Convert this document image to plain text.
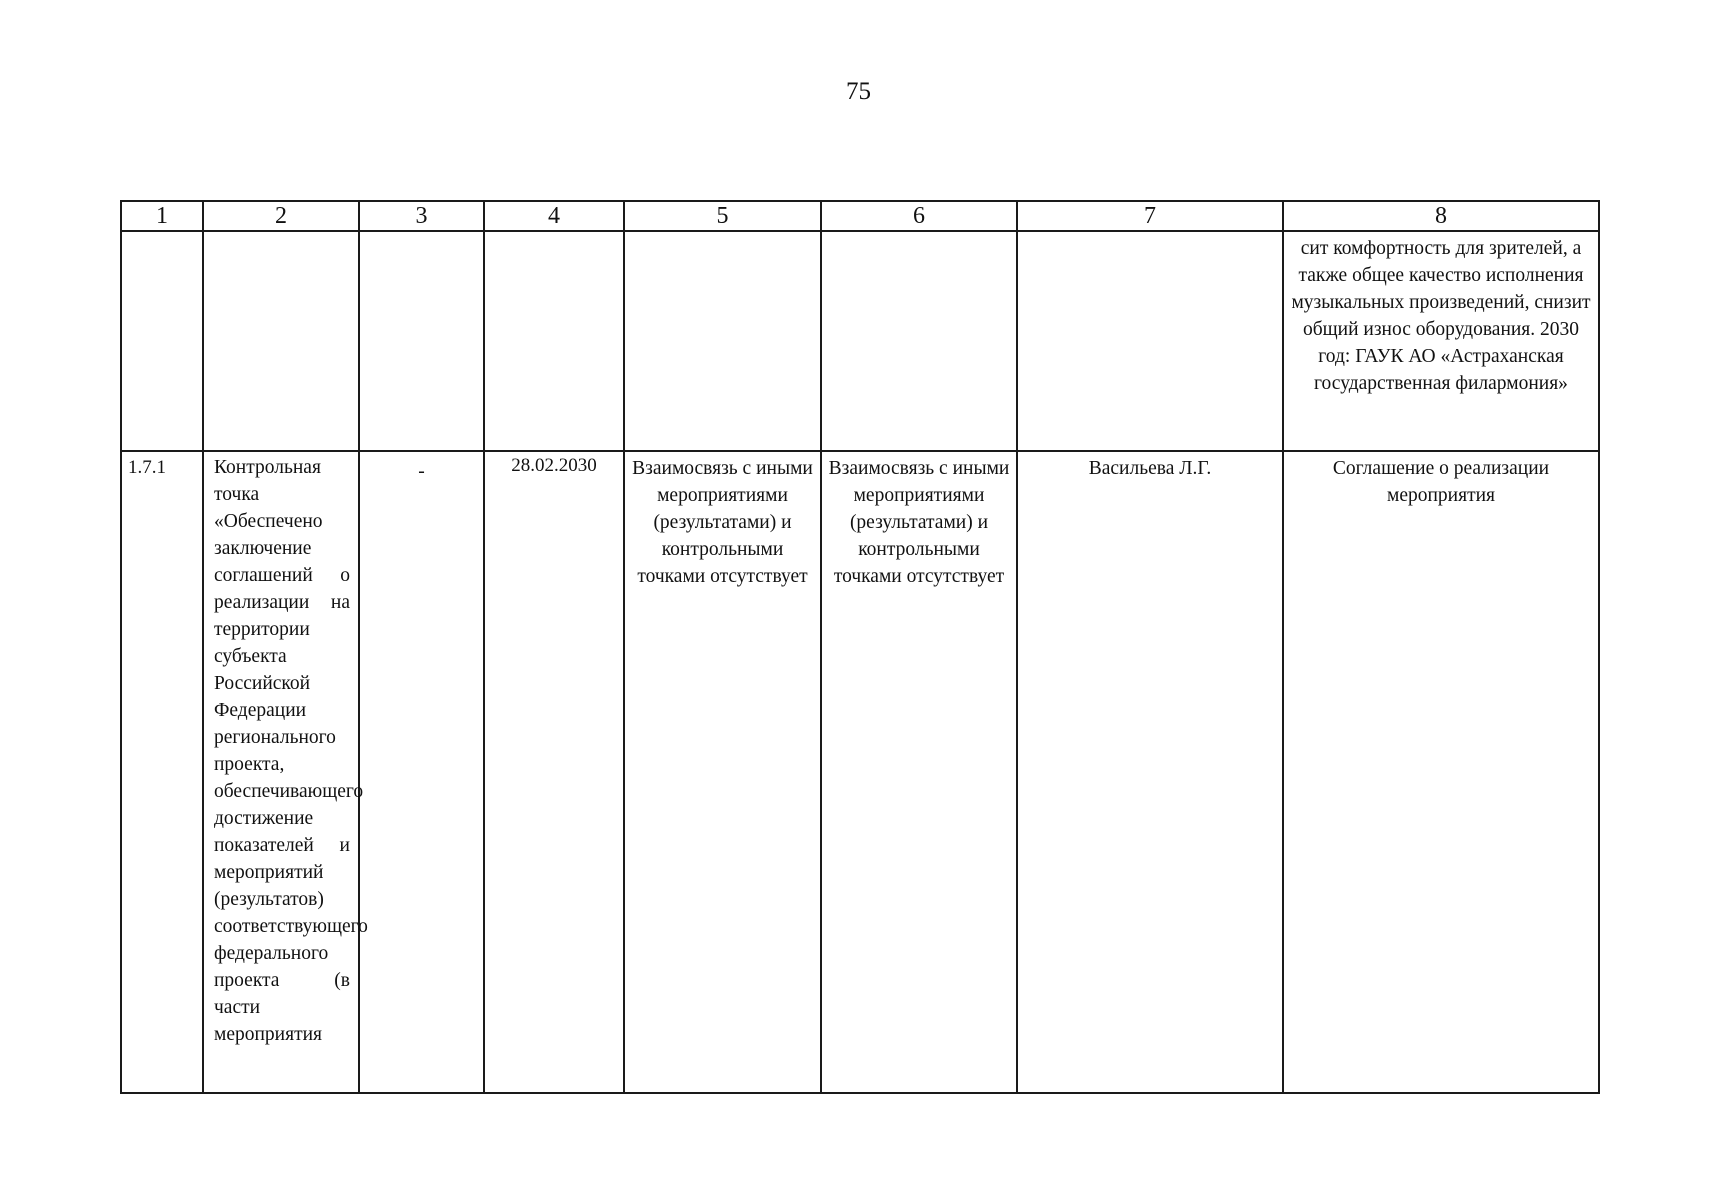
75
1	2	3	4	5	6	7	8

							сит комфортность для зрителей, а также общее качество исполнения музыкальных произведений, снизит общий износ оборудования. 2030 год: ГАУК АО «Астраханская государственная филармония»

1.7.1	Контрольная точка «Обеспечено заключение соглашений о реализации на территории субъекта Российской Федерации регионального проекта, обеспечивающего достижение показателей и мероприятий (результатов) соответствующего федерального проекта (в части мероприятия	-	28.02.2030	Взаимосвязь с иными мероприятиями (результатами) и контрольными точками отсутствует	Взаимосвязь с иными мероприятиями (результатами) и контрольными точками отсутствует	Васильева Л.Г.	Соглашение о реализации мероприятия
